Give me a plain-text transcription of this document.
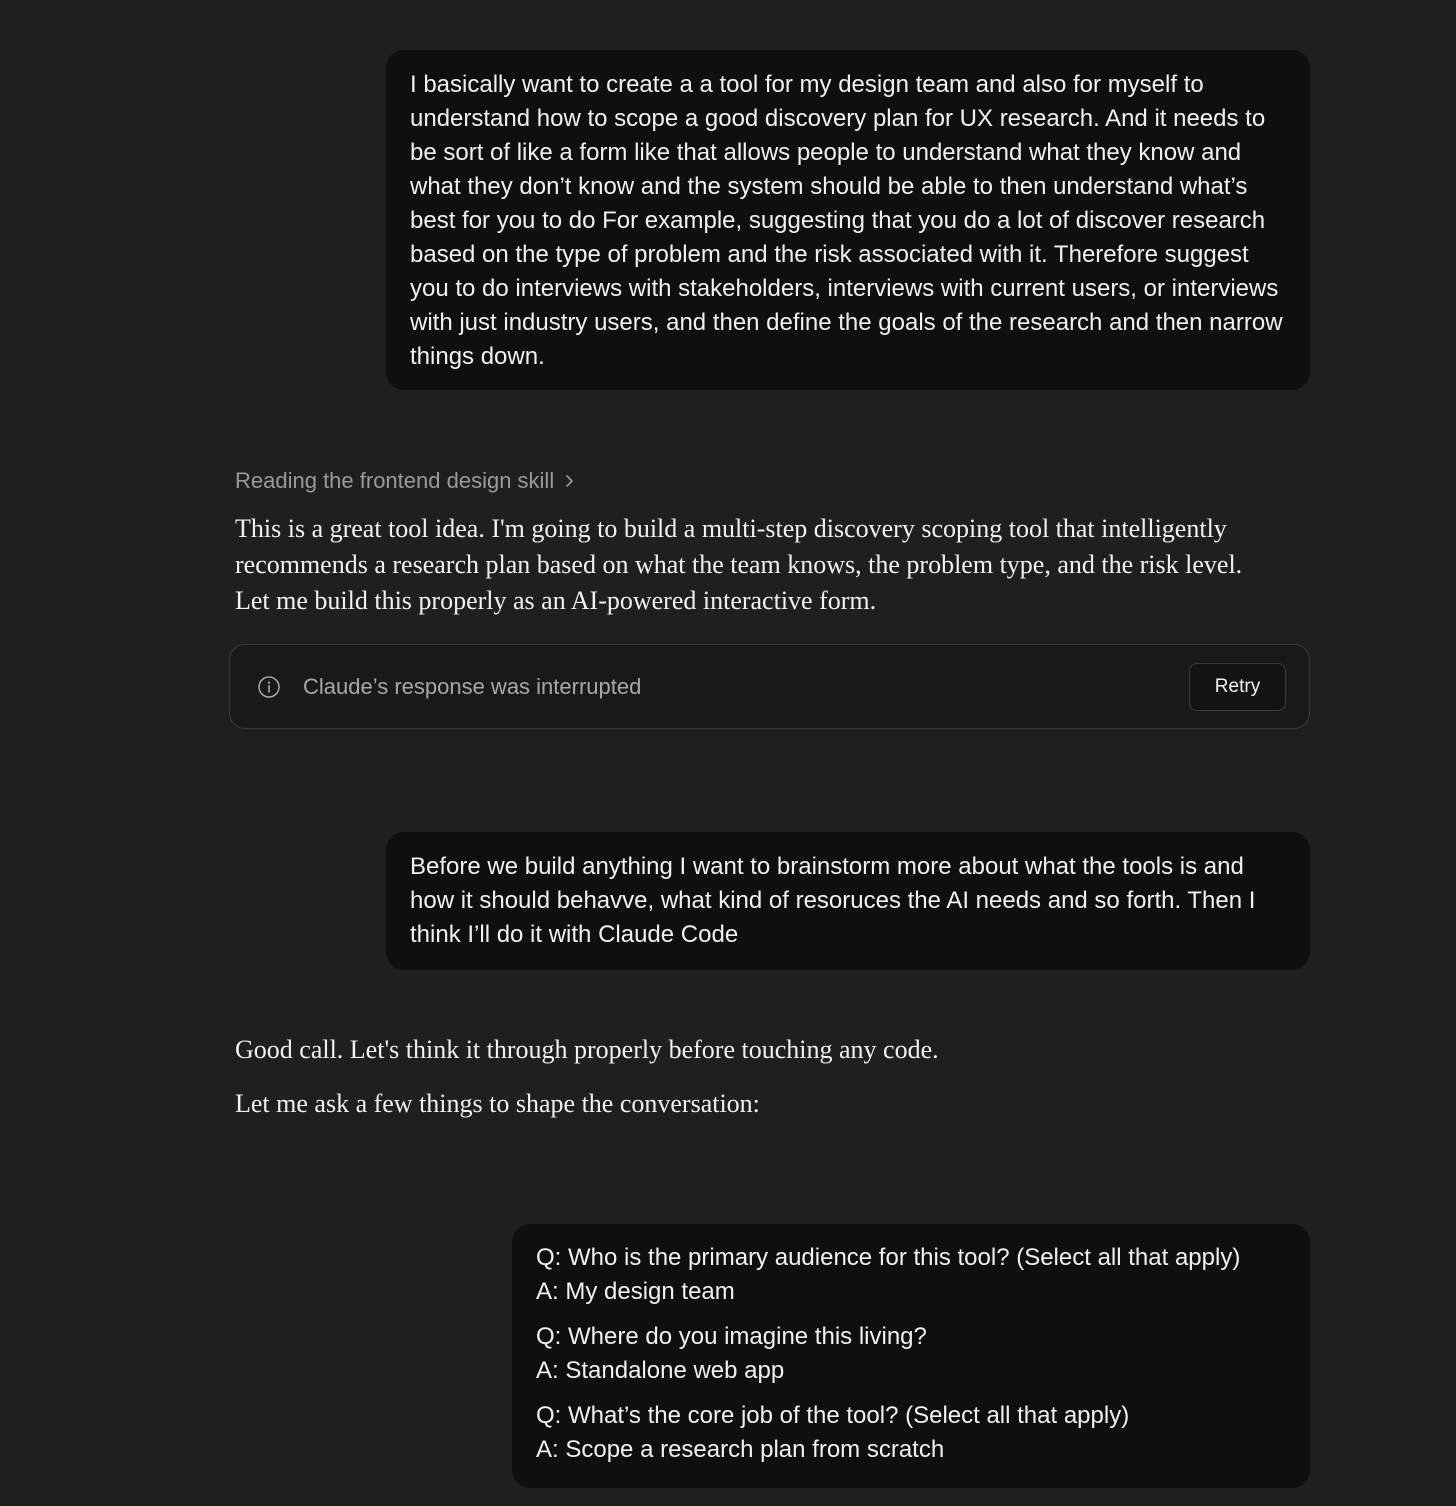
I basically want to create a a tool for my design team and also for myself to understand how to scope a good discovery plan for UX research. And it needs to be sort of like a form like that allows people to understand what they know and what they don’t know and the system should be able to then understand what’s best for you to do For example, suggesting that you do a lot of discover research based on the type of problem and the risk associated with it. Therefore suggest you to do interviews with stakeholders, interviews with current users, or interviews with just industry users, and then define the goals of the research and then narrow things down.
Reading the frontend design skill

This is a great tool idea. I'm going to build a multi-step discovery scoping tool that intelligently recommends a research plan based on what the team knows, the problem type, and the risk level. Let me build this properly as an AI-powered interactive form.

Claude’s response was interrupted	Retry
Before we build anything I want to brainstorm more about what the tools is and how it should behavve, what kind of resoruces the AI needs and so forth. Then I think I’ll do it with Claude Code

Good call. Let's think it through properly before touching any code.

Let me ask a few things to shape the conversation:

Q: Who is the primary audience for this tool? (Select all that apply)
A: My design team
Q: Where do you imagine this living?
A: Standalone web app
Q: What’s the core job of the tool? (Select all that apply)
A: Scope a research plan from scratch
